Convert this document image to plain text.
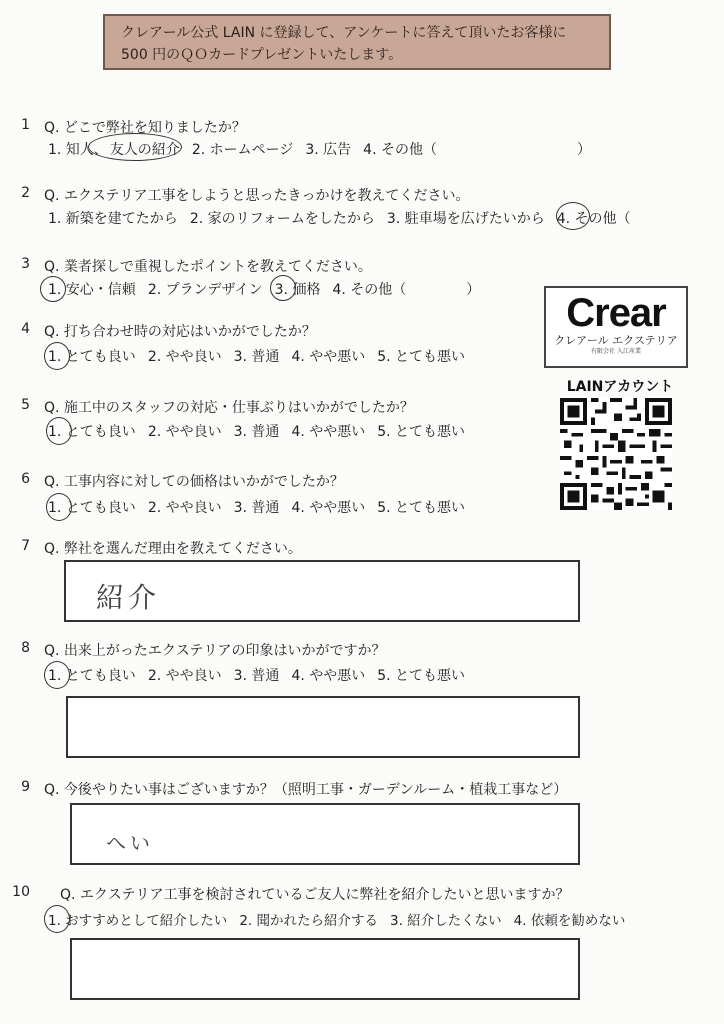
クレアール公式 LAIN に登録して、アンケートに答えて頂いたお客様に
500 円のＱＯカードプレゼントいたします。
1 Q. どこで弊社を知りましたか？
1. 知人、 友人の紹介 2. ホームページ 3. 広告 4. その他（	）
2 Q. エクステリア工事をしようと思ったきっかけを教えてください。
1. 新築を建てたから 2. 家のリフォームをしたから 3. 駐車場を広げたいから 4. その他（
3 Q. 業者探しで重視したポイントを教えてください。
1. 安心・信頼 2. プランデザイン 3. 価格 4. その他（	）
4 Q. 打ち合わせ時の対応はいかがでしたか？
1. とても良い 2. やや良い 3. 普通 4. やや悪い 5. とても悪い
5 Q. 施工中のスタッフの対応・仕事ぶりはいかがでしたか？
1. とても良い 2. やや良い 3. 普通 4. やや悪い 5. とても悪い
6 Q. 工事内容に対しての価格はいかがでしたか？
1. とても良い 2. やや良い 3. 普通 4. やや悪い 5. とても悪い
7 Q. 弊社を選んだ理由を教えてください。
紹介
8 Q. 出来上がったエクステリアの印象はいかがですか？
1. とても良い 2. やや良い 3. 普通 4. やや悪い 5. とても悪い
9 Q. 今後やりたい事はございますか？（照明工事・ガーデンルーム・植栽工事など）
へい
10 Q. エクステリア工事を検討されているご友人に弊社を紹介したいと思いますか？
1. おすすめとして紹介したい 2. 聞かれたら紹介する 3. 紹介したくない 4. 依頼を勧めない
Crear
クレアール エクステリア
有限会社 入江産業
LAINアカウント
